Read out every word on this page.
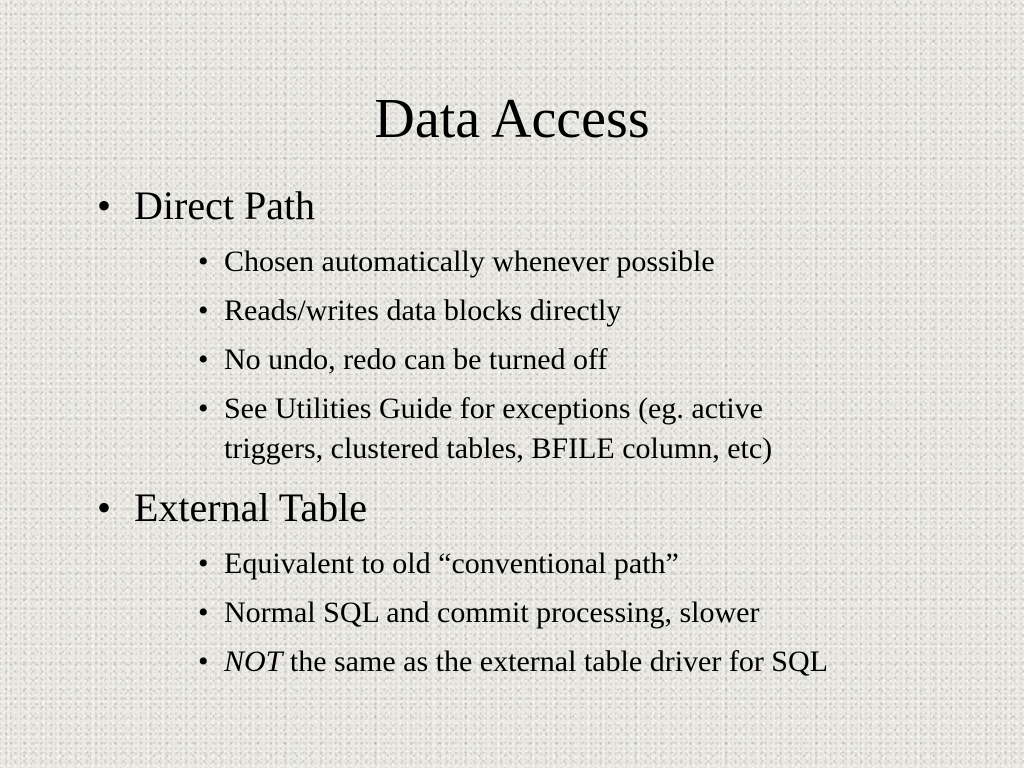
Data Access
• Direct Path
• Chosen automatically whenever possible
• Reads/writes data blocks directly
• No undo, redo can be turned off
• See Utilities Guide for exceptions (eg. active
triggers, clustered tables, BFILE column, etc)
• External Table
• Equivalent to old “conventional path”
• Normal SQL and commit processing, slower
• NOT the same as the external table driver for SQL
